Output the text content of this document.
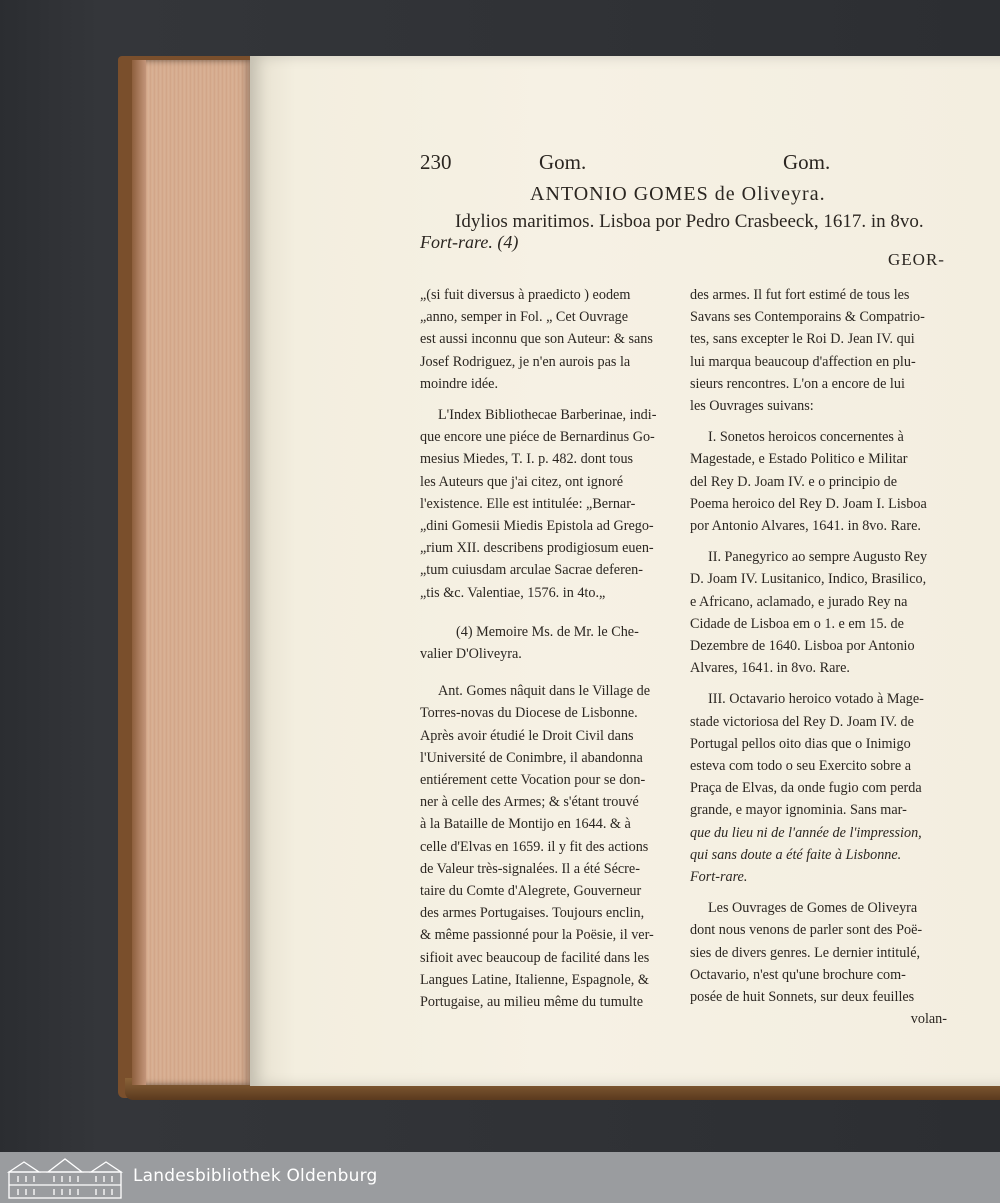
230	Gom.	Gom.
ANTONIO GOMES de Oliveyra.
Idylios maritimos. Lisboa por Pedro Crasbeeck, 1617. in 8vo.
Fort-rare. (4)
GEOR-

„(si fuit diversus à praedicto ) eodem

„anno, semper in Fol. „ Cet Ouvrage

est aussi inconnu que son Auteur: & sans

Josef Rodriguez, je n'en aurois pas la

moindre idée.

L'Index Bibliothecae Barberinae, indi-

que encore une piéce de Bernardinus Go-

mesius Miedes, T. I. p. 482. dont tous

les Auteurs que j'ai citez, ont ignoré

l'existence. Elle est intitulée: „Bernar-

„dini Gomesii Miedis Epistola ad Grego-

„rium XII. describens prodigiosum euen-

„tum cuiusdam arculae Sacrae deferen-

„tis &c. Valentiae, 1576. in 4to.„

(4) Memoire Ms. de Mr. le Che-

valier D'Oliveyra.

Ant. Gomes nâquit dans le Village de

Torres-novas du Diocese de Lisbonne.

Après avoir étudié le Droit Civil dans

l'Université de Conimbre, il abandonna

entiérement cette Vocation pour se don-

ner à celle des Armes; & s'étant trouvé

à la Bataille de Montijo en 1644. & à

celle d'Elvas en 1659. il y fit des actions

de Valeur très-signalées. Il a été Sécre-

taire du Comte d'Alegrete, Gouverneur

des armes Portugaises. Toujours enclin,

& même passionné pour la Poësie, il ver-

sifioit avec beaucoup de facilité dans les

Langues Latine, Italienne, Espagnole, &

Portugaise, au milieu même du tumulte

des armes. Il fut fort estimé de tous les

Savans ses Contemporains & Compatrio-

tes, sans excepter le Roi D. Jean IV. qui

lui marqua beaucoup d'affection en plu-

sieurs rencontres. L'on a encore de lui

les Ouvrages suivans:

I. Sonetos heroicos concernentes à

Magestade, e Estado Politico e Militar

del Rey D. Joam IV. e o principio de

Poema heroico del Rey D. Joam I. Lisboa

por Antonio Alvares, 1641. in 8vo. Rare.

II. Panegyrico ao sempre Augusto Rey

D. Joam IV. Lusitanico, Indico, Brasilico,

e Africano, aclamado, e jurado Rey na

Cidade de Lisboa em o 1. e em 15. de

Dezembre de 1640. Lisboa por Antonio

Alvares, 1641. in 8vo. Rare.

III. Octavario heroico votado à Mage-

stade victoriosa del Rey D. Joam IV. de

Portugal pellos oito dias que o Inimigo

esteva com todo o seu Exercito sobre a

Praça de Elvas, da onde fugio com perda

grande, e mayor ignominia. Sans mar-

que du lieu ni de l'année de l'impression,

qui sans doute a été faite à Lisbonne.

Fort-rare.

Les Ouvrages de Gomes de Oliveyra

dont nous venons de parler sont des Poë-

sies de divers genres. Le dernier intitulé,

Octavario, n'est qu'une brochure com-

posée de huit Sonnets, sur deux feuilles

volan-

Landesbibliothek Oldenburg
